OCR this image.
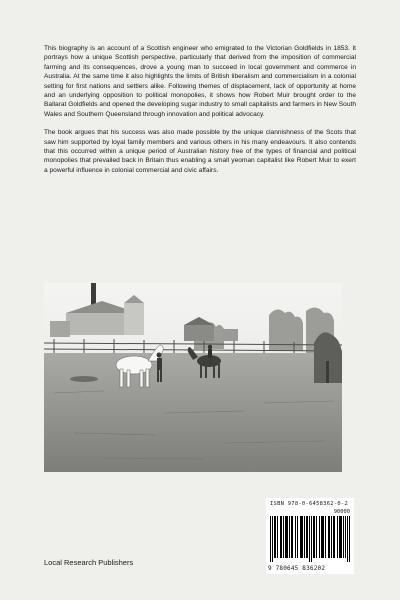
This biography is an account of a Scottish engineer who emigrated to the Victorian Goldfields in 1853. It portrays how a unique Scottish perspective, particularly that derived from the imposition of commercial farming and its consequences, drove a young man to succeed in local government and commerce in Australia. At the same time it also highlights the limits of British liberalism and commercialism in a colonial setting for first nations and settlers alike. Following themes of displacement, lack of opportunity at home and an underlying opposition to political monopolies, it shows how Robert Muir brought order to the Ballarat Goldfields and opened the developing sugar industry to small capitalists and farmers in New South Wales and Southern Queensland through innovation and political advocacy.

The book argues that his success was also made possible by the unique clannishness of the Scots that saw him supported by loyal family members and various others in his many endeavours. It also contends that this occurred within a unique period of Australian history free of the types of financial and political monopolies that prevailed back in Britain thus enabling a small yeoman capitalist like Robert Muir to exert a powerful influence in colonial commercial and civic affairs.

ISBN 978-0-6458362-0-2
90000
9 780645 836202
Local Research Publishers
